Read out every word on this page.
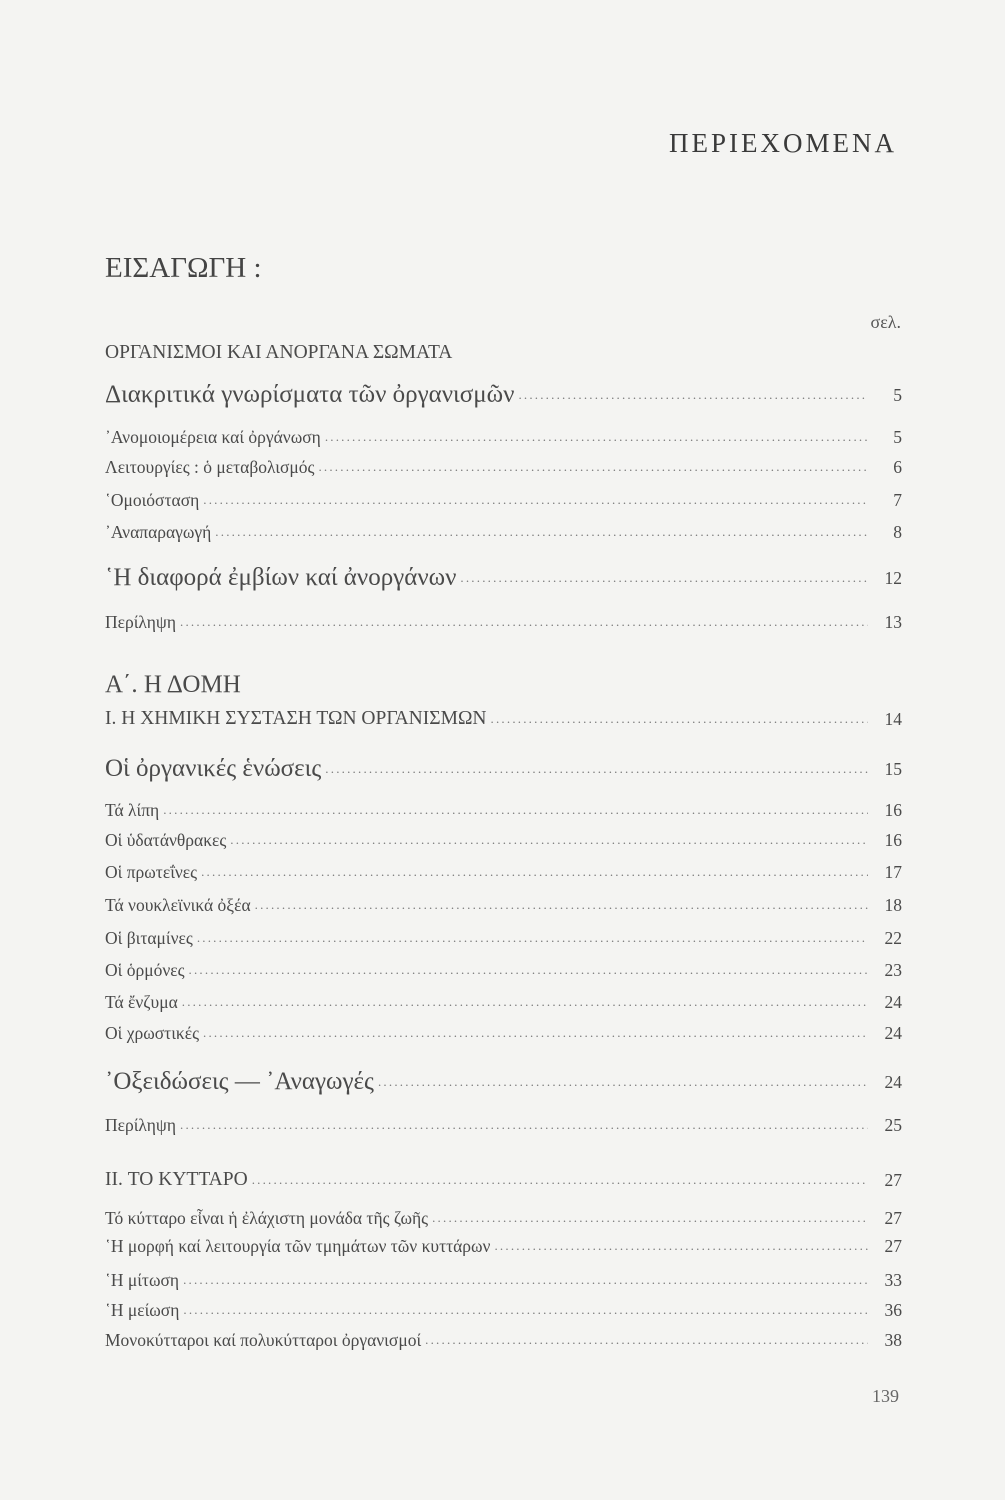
ΠΕΡΙΕΧΟΜΕΝΑ
ΕΙΣΑΓΩΓΗ :
σελ.
ΟΡΓΑΝΙΣΜΟΙ ΚΑΙ ΑΝΟΡΓΑΝΑ ΣΩΜΑΤΑ
Διακριτικά γνωρίσματα τῶν ὀργανισμῶν .....	5
᾿Ανομοιομέρεια καί ὀργάνωση .....	5
Λειτουργίες : ὁ μεταβολισμός .....	6
῾Ομοιόσταση .....	7
᾿Αναπαραγωγή .....	8
῾Η διαφορά ἐμβίων καί ἀνοργάνων .....	12
Περίληψη .....	13
Α΄. Η ΔΟΜΗ
I. Η ΧΗΜΙΚΗ ΣΥΣΤΑΣΗ ΤΩΝ ΟΡΓΑΝΙΣΜΩΝ .....	14
Οἱ ὀργανικές ἑνώσεις .....	15
Τά λίπη .....	16
Οἱ ὑδατάνθρακες .....	16
Οἱ πρωτεΐνες .....	17
Τά νουκλεϊνικά ὀξέα .....	18
Οἱ βιταμίνες .....	22
Οἱ ὁρμόνες .....	23
Τά ἔνζυμα .....	24
Οἱ χρωστικές .....	24
᾿Οξειδώσεις — ᾿Αναγωγές .....	24
Περίληψη .....	25
II. ΤΟ ΚΥΤΤΑΡΟ .....	27
Τό κύτταρο εἶναι ἡ ἐλάχιστη μονάδα τῆς ζωῆς .....	27
῾Η μορφή καί λειτουργία τῶν τμημάτων τῶν κυττάρων .....	27
῾Η μίτωση .....	33
῾Η μείωση .....	36
Μονοκύτταροι καί πολυκύτταροι ὀργανισμοί .....	38
139
